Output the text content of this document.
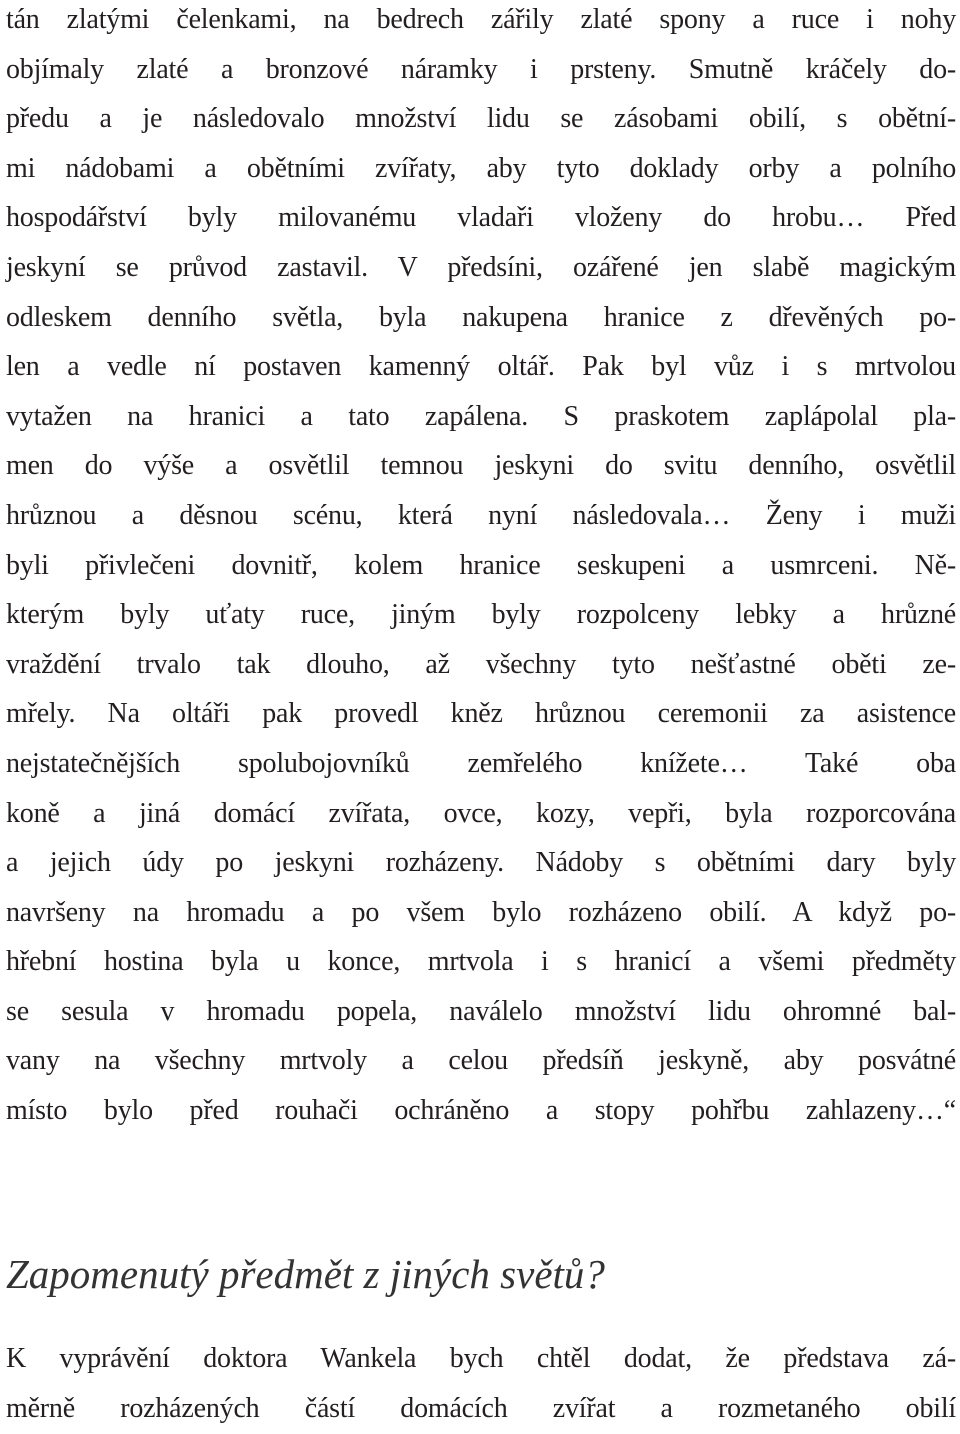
tán zlatými čelenkami, na bedrech zářily zlaté spony a ruce i nohy
objímaly zlaté a bronzové náramky i prsteny. Smutně kráčely do-
předu a je následovalo množství lidu se zásobami obilí, s obětní-
mi nádobami a obětními zvířaty, aby tyto doklady orby a polního
hospodářství byly milovanému vladaři vloženy do hrobu… Před
jeskyní se průvod zastavil. V předsíni, ozářené jen slabě magickým
odleskem denního světla, byla nakupena hranice z dřevěných po-
len a vedle ní postaven kamenný oltář. Pak byl vůz i s mrtvolou
vytažen na hranici a tato zapálena. S praskotem zaplápolal pla-
men do výše a osvětlil temnou jeskyni do svitu denního, osvětlil
hrůznou a děsnou scénu, která nyní následovala… Ženy i muži
byli přivlečeni dovnitř, kolem hranice seskupeni a usmrceni. Ně-
kterým byly uťaty ruce, jiným byly rozpolceny lebky a hrůzné
vraždění trvalo tak dlouho, až všechny tyto nešťastné oběti ze-
mřely. Na oltáři pak provedl kněz hrůznou ceremonii za asistence
nejstatečnějších spolubojovníků zemřelého knížete… Také oba
koně a jiná domácí zvířata, ovce, kozy, vepři, byla rozporcována
a jejich údy po jeskyni rozházeny. Nádoby s obětními dary byly
navršeny na hromadu a po všem bylo rozházeno obilí. A když po-
hřební hostina byla u konce, mrtvola i s hranicí a všemi předměty
se sesula v hromadu popela, naválelo množství lidu ohromné bal-
vany na všechny mrtvoly a celou předsíň jeskyně, aby posvátné
místo bylo před rouhači ochráněno a stopy pohřbu zahlazeny…“
Zapomenutý předmět z jiných světů?
K vyprávění doktora Wankela bych chtěl dodat, že představa zá-
měrně rozházených částí domácích zvířat a rozmetaného obilí
